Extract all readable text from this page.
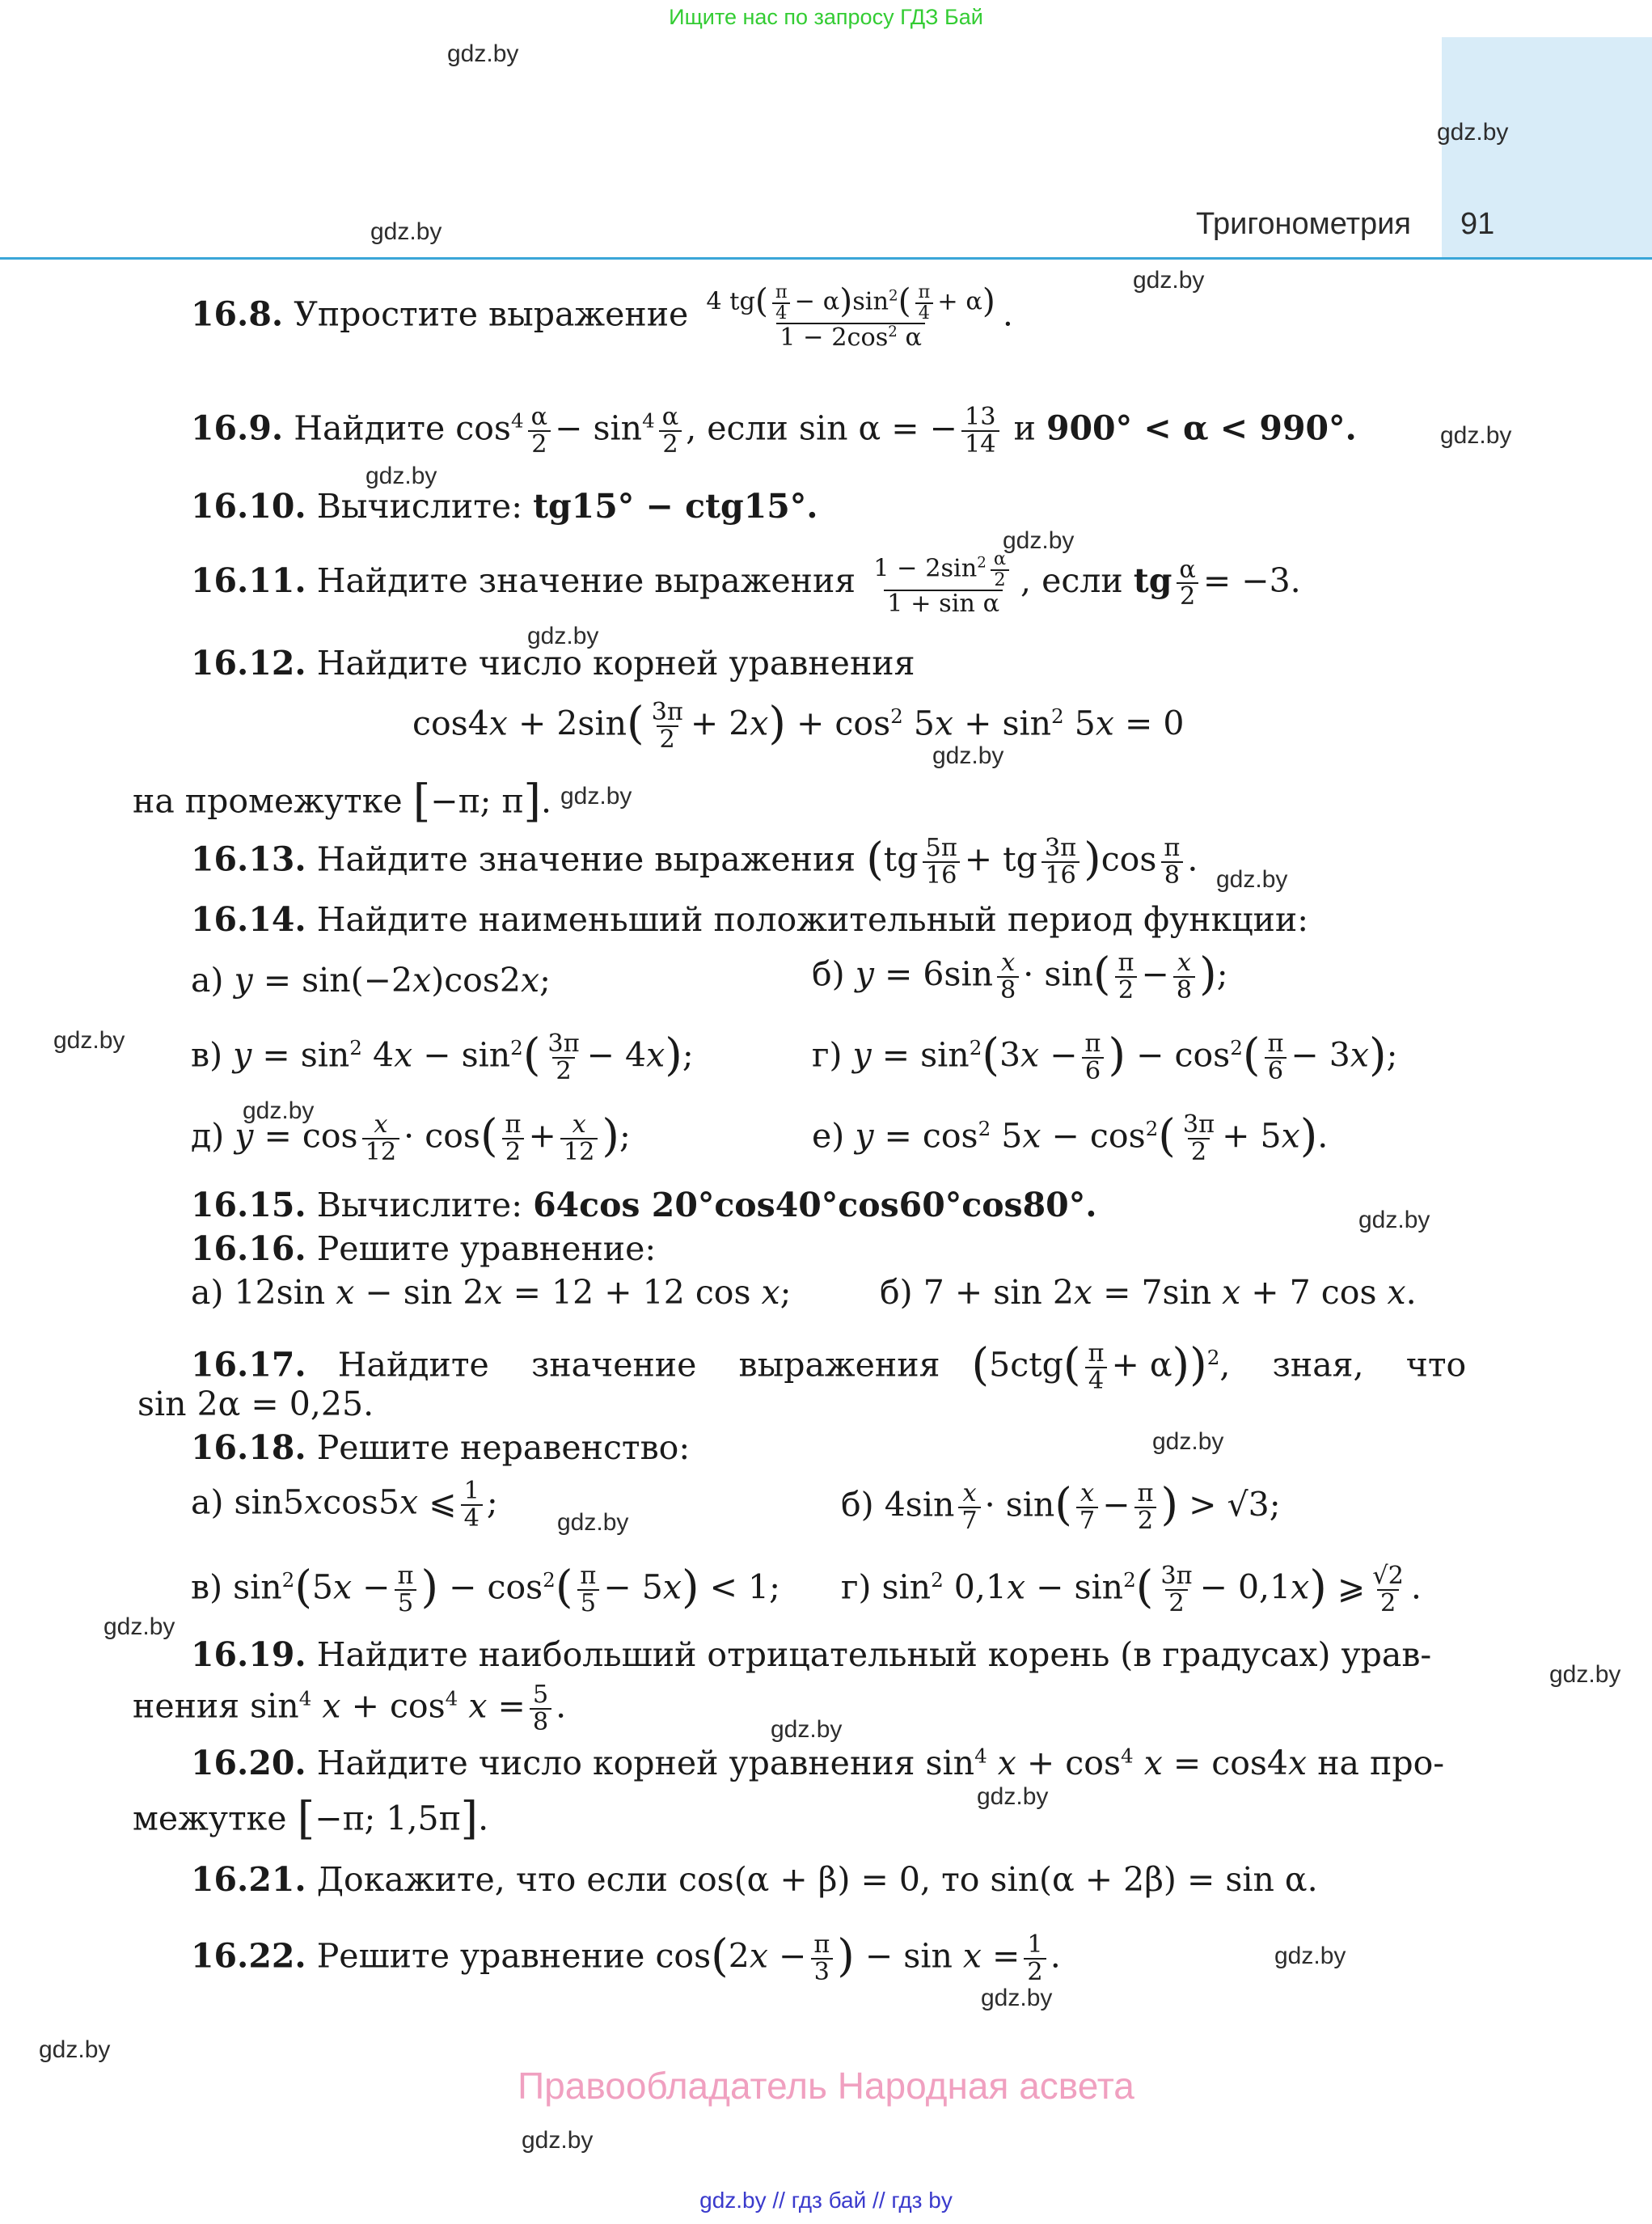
Ищите нас по запросу ГДЗ Бай
Тригонометрия 91
gdz.by
gdz.by
gdz.by
gdz.by
gdz.by
gdz.by
gdz.by
gdz.by
gdz.by
gdz.by
gdz.by
gdz.by
gdz.by
gdz.by
gdz.by
gdz.by
gdz.by
gdz.by
gdz.by
gdz.by
gdz.by
gdz.by
gdz.by
gdz.by
16.8. Упростите выражение $\frac{4 tg( \frac{\pi}{4} - \alpha)\sin^2( \frac{\pi}{4} + \alpha)}{1 - 2\cos^2 \alpha}$ .
16.9. Найдите $\cos^4 \frac{\alpha}{2} - \sin^4 \frac{\alpha}{2}$ , если sin α = − $\frac{13}{14}$ и 900° < α < 990°.
16.10. Вычислите: tg15° − ctg15°.
16.11. Найдите значение выражения $\frac{1 - 2\sin^2 \frac{\alpha}{2}}{\text{1 + sin α}}$ , если tg $\frac{\alpha}{2} = -3$.
16.12. Найдите число корней уравнения
$\cos 4x + 2\sin( \frac{3\pi}{2} + 2x) + \cos^2 5x + \sin^2 5x = 0$
на промежутке [−π; π].
16.13. Найдите значение выражения ($tg \frac{5\pi}{16}$ + tg $\frac{3\pi}{16} )\cos \frac{\pi}{8}$ .
16.14. Найдите наименьший положительный период функции:
а) y = sin(−2x)cos2x;	б) $y = 6\sin \frac{x}{8} \cdot \sin( \frac{\pi}{2} - \frac{x}{8}$ );
в) $y = \sin^2 4x - \sin^2( \frac{3\pi}{2} - 4x)$;	г) $y = \sin^2(3x - \frac{\pi}{6}$ ) − $\cos^2( \frac{\pi}{6} - 3x)$;
д) $y = \cos \frac{x}{12} \cdot \cos( \frac{\pi}{2} + \frac{x}{12}$ );	е) $y = \cos^2 5x - \cos^2( \frac{3\pi}{2} + 5x)$.
16.15. Вычислите: 64cos 20°cos40°cos60°cos80°.
16.16. Решите уравнение:
а) 12sin x − sin 2x = 12 + 12 cos x;	б) 7 + sin 2x = 7sin x + 7 cos x.
16.17. Найдите значение выражения $(5ctg( \frac{\pi}{4} + \alpha))^2$,    зная, что
sin 2α = 0,25.
16.18. Решите неравенство:
а) sin5xcos5x ⩽ $\frac{1}{4}$ ;	б) $4\sin \frac{x}{7} \cdot \sin( \frac{x}{7} - \frac{\pi}{2}$ ) > √3;
в) $\sin^2(5x - \frac{\pi}{5}$ ) − $\cos^2( \frac{\pi}{5} - 5x) < 1$; г) $\sin^2 0,1x - \sin^2( \frac{3\pi}{2} - 0,1x)$ ⩾ $\frac{√2}{2}$ .
16.19. Найдите наибольший отрицательный корень (в градусах) урав-
нения $\sin^4 x + \cos^4 x = \frac{5}{8}$ .
16.20. Найдите число корней уравнения $\sin^4 x + \cos^4 x = \cos 4x$ на про-
межутке [−π; 1,5π].
16.21. Докажите, что если cos(α + β) = 0, то sin(α + 2β) = sin α.
16.22. Решите уравнение $\cos(2x - \frac{\pi}{3}$ ) − $\sin x = \frac{1}{2}$ .
Правообладатель Народная асвета
gdz.by // гдз бай // гдз by
